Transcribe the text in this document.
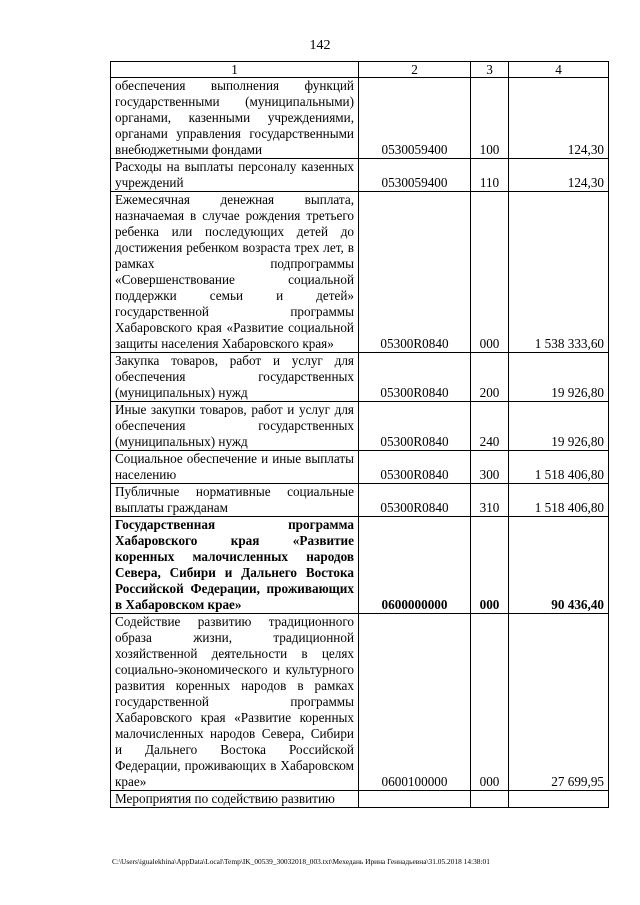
142
1	2	3	4
обеспечения выполнения функций государственными (муниципальными) органами, казенными учреждениями, органами управления государственными внебюджетными фондами	0530059400	100	124,30
Расходы на выплаты персоналу казенных учреждений	0530059400	110	124,30
Ежемесячная денежная выплата, назначаемая в случае рождения третьего ребенка или последующих детей до достижения ребенком возраста трех лет, в рамках подпрограммы «Совершенствование социальной поддержки семьи и детей» государственной программы Хабаровского края «Развитие социальной защиты населения Хабаровского края»	05300R0840	000	1 538 333,60
Закупка товаров, работ и услуг для обеспечения государственных (муниципальных) нужд	05300R0840	200	19 926,80
Иные закупки товаров, работ и услуг для обеспечения государственных (муниципальных) нужд	05300R0840	240	19 926,80
Социальное обеспечение и иные выплаты населению	05300R0840	300	1 518 406,80
Публичные нормативные социальные выплаты гражданам	05300R0840	310	1 518 406,80
Государственная программа Хабаровского края «Развитие коренных малочисленных народов Севера, Сибири и Дальнего Востока Российской Федерации, проживающих в Хабаровском крае»	0600000000	000	90 436,40
Содействие развитию традиционного образа жизни, традиционной хозяйственной деятельности в целях социально-экономического и культурного развития коренных народов в рамках государственной программы Хабаровского края «Развитие коренных малочисленных народов Севера, Сибири и Дальнего Востока Российской Федерации, проживающих в Хабаровском крае»	0600100000	000	27 699,95
Мероприятия по содействию развитию			
C:\Users\igualekhina\AppData\Local\Temp\IK_00539_30032018_003.txt\Мехедань Ирина Геннадьевна\31.05.2018 14:38:01
